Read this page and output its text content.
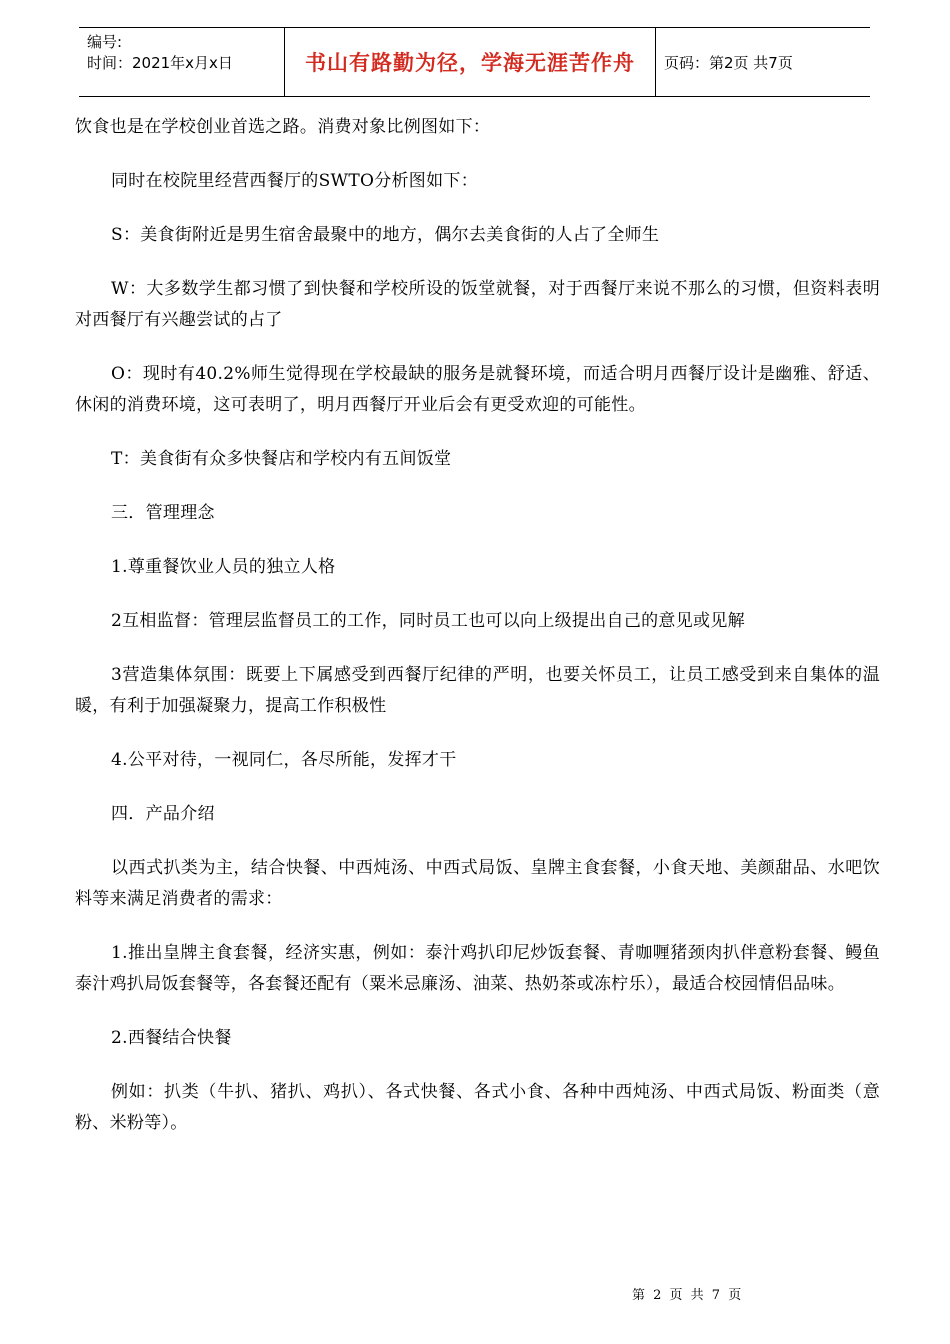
编号:
时间：2021年x月x日	书山有路勤为径，学海无涯苦作舟	页码：第2页 共7页

饮食也是在学校创业首选之路。消费对象比例图如下：

同时在校院里经营西餐厅的SWTO分析图如下：

S：美食街附近是男生宿舍最聚中的地方，偶尔去美食街的人占了全师生

W：大多数学生都习惯了到快餐和学校所设的饭堂就餐，对于西餐厅来说不那么的习惯，但资料表明对西餐厅有兴趣尝试的占了

O：现时有40.2%师生觉得现在学校最缺的服务是就餐环境，而适合明月西餐厅设计是幽雅、舒适、休闲的消费环境，这可表明了，明月西餐厅开业后会有更受欢迎的可能性。

T：美食街有众多快餐店和学校内有五间饭堂

三．管理理念

1.尊重餐饮业人员的独立人格

2互相监督：管理层监督员工的工作，同时员工也可以向上级提出自己的意见或见解

3营造集体氛围：既要上下属感受到西餐厅纪律的严明，也要关怀员工，让员工感受到来自集体的温暖，有利于加强凝聚力，提高工作积极性

4.公平对待，一视同仁，各尽所能，发挥才干

四．产品介绍

以西式扒类为主，结合快餐、中西炖汤、中西式局饭、皇牌主食套餐，小食天地、美颜甜品、水吧饮料等来满足消费者的需求：

1.推出皇牌主食套餐，经济实惠，例如：泰汁鸡扒印尼炒饭套餐、青咖喱猪颈肉扒伴意粉套餐、鳗鱼泰汁鸡扒局饭套餐等，各套餐还配有（粟米忌廉汤、油菜、热奶茶或冻柠乐），最适合校园情侣品味。

2.西餐结合快餐

例如：扒类（牛扒、猪扒、鸡扒）、各式快餐、各式小食、各种中西炖汤、中西式局饭、粉面类（意粉、米粉等）。

第 2 页 共 7 页
